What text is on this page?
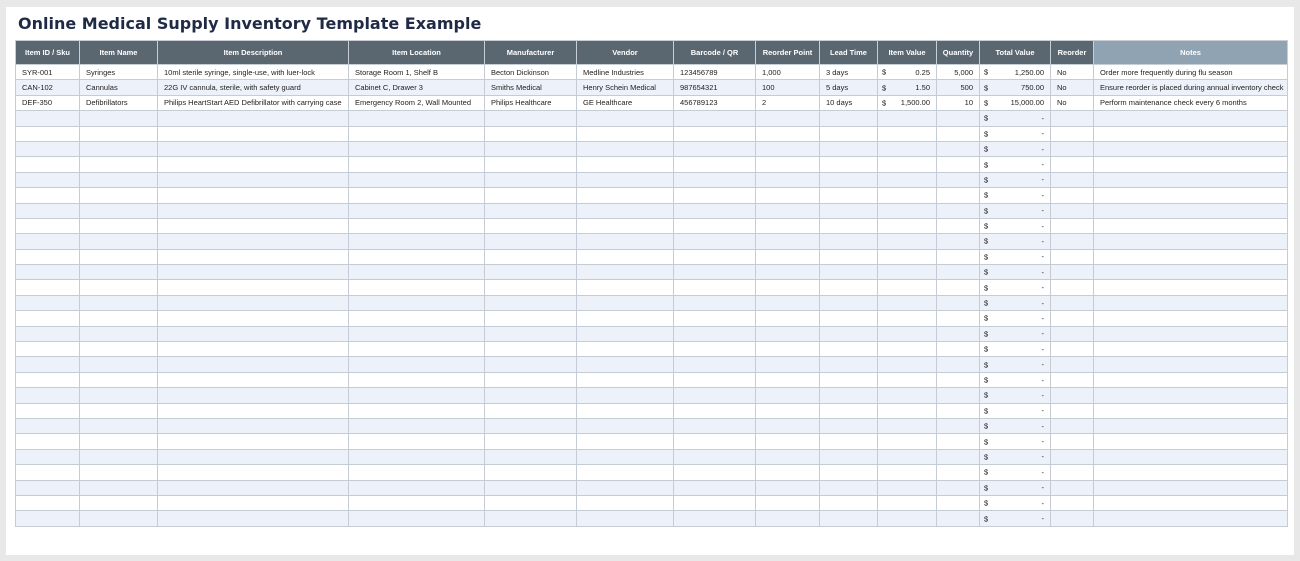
Online Medical Supply Inventory Template Example
Item ID / Sku	Item Name	Item Description	Item Location	Manufacturer	Vendor	Barcode / QR	Reorder Point	Lead Time	Item Value	Quantity	Total Value	Reorder	Notes
SYR-001	Syringes	10ml sterile syringe, single-use, with luer-lock	Storage Room 1, Shelf B	Becton Dickinson	Medline Industries	123456789	1,000	3 days	$ 0.25	5,000	$ 1,250.00	No	Order more frequently during flu season
CAN-102	Cannulas	22G IV cannula, sterile, with safety guard	Cabinet C, Drawer 3	Smiths Medical	Henry Schein Medical	987654321	100	5 days	$ 1.50	500	$ 750.00	No	Ensure reorder is placed during annual inventory check
DEF-350	Defibrillators	Philips HeartStart AED Defibrillator with carrying case	Emergency Room 2, Wall Mounted	Philips Healthcare	GE Healthcare	456789123	2	10 days	$ 1,500.00	10	$ 15,000.00	No	Perform maintenance check every 6 months

											$ -		

											$ -		

											$ -		

											$ -		

											$ -		

											$ -		

											$ -		

											$ -		

											$ -		

											$ -		

											$ -		

											$ -		

											$ -		

											$ -		

											$ -		

											$ -		

											$ -		

											$ -		

											$ -		

											$ -		

											$ -		

											$ -		

											$ -		

											$ -		

											$ -		

											$ -		

											$ -		
